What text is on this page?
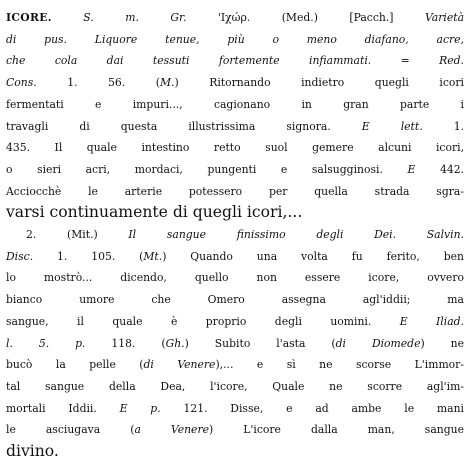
ICORE.	S. m. Gr. 'Ιχώρ. (Med.) [Pacch.] Varietà
di pus. Liquore tenue, più o meno diafano, acre,
che cola dai tessuti fortemente infiammati. = Red.
Cons. 1. 56. (M.) Ritornando indietro quegli icori
fermentati e impuri..., cagionano in gran parte i
travagli di questa illustrissima signora. E lett. 1.
435. Il quale intestino retto suol gemere alcuni icori,
o sieri acri, mordaci, pungenti e salsugginosi. E 442.
Acciocchè le arterie potessero per quella strada sgra-
varsi continuamente di quegli icori,...
2. (Mit.) Il sangue finissimo degli Dei. Salvin.
Disc. 1. 105. (Mt.) Quando una volta fu ferito, ben
lo mostrò... dicendo, quello non essere icore, ovvero
bianco umore che Omero assegna agl'iddii; ma
sangue, il quale è proprio degli uomini. E Iliad.
l. 5. p. 118. (Gh.) Subito l'asta (di Diomede) ne
bucò la pelle (di Venere),... e sì ne scorse L'immor-
tal sangue della Dea, l'icore, Quale ne scorre agl'im-
mortali Iddii. E p. 121. Disse, e ad ambe le mani
le asciugava (a Venere) L'icore dalla man, sangue
divino.
